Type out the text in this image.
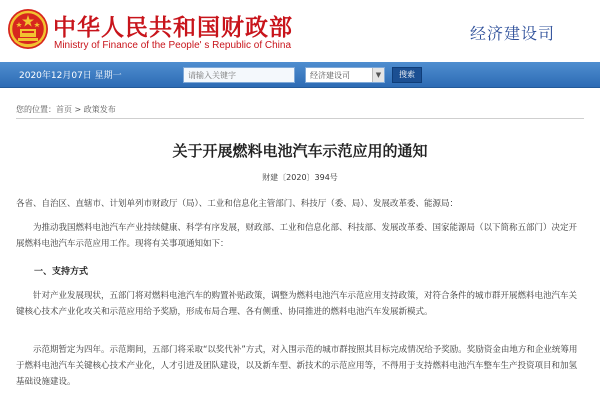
中华人民共和国财政部
Ministry of Finance of the People' s Republic of China
经济建设司
2020年12月07日 星期一
请输入关键字	经济建设司	▼	搜索
您的位置：首页 > 政策发布
关于开展燃料电池汽车示范应用的通知
财建〔2020〕394号
各省、自治区、直辖市、计划单列市财政厅（局）、工业和信息化主管部门、科技厅（委、局）、发展改革委、能源局：
为推动我国燃料电池汽车产业持续健康、科学有序发展，财政部、工业和信息化部、科技部、发展改革委、国家能源局（以下简称五部门）决定开展燃料电池汽车示范应用工作。现将有关事项通知如下：
一、支持方式
针对产业发展现状，五部门将对燃料电池汽车的购置补贴政策，调整为燃料电池汽车示范应用支持政策，对符合条件的城市群开展燃料电池汽车关键核心技术产业化攻关和示范应用给予奖励，形成布局合理、各有侧重、协同推进的燃料电池汽车发展新模式。
示范期暂定为四年。示范期间，五部门将采取“以奖代补”方式，对入围示范的城市群按照其目标完成情况给予奖励。奖励资金由地方和企业统筹用于燃料电池汽车关键核心技术产业化，人才引进及团队建设，以及新车型、新技术的示范应用等，不得用于支持燃料电池汽车整车生产投资项目和加氢基础设施建设。
